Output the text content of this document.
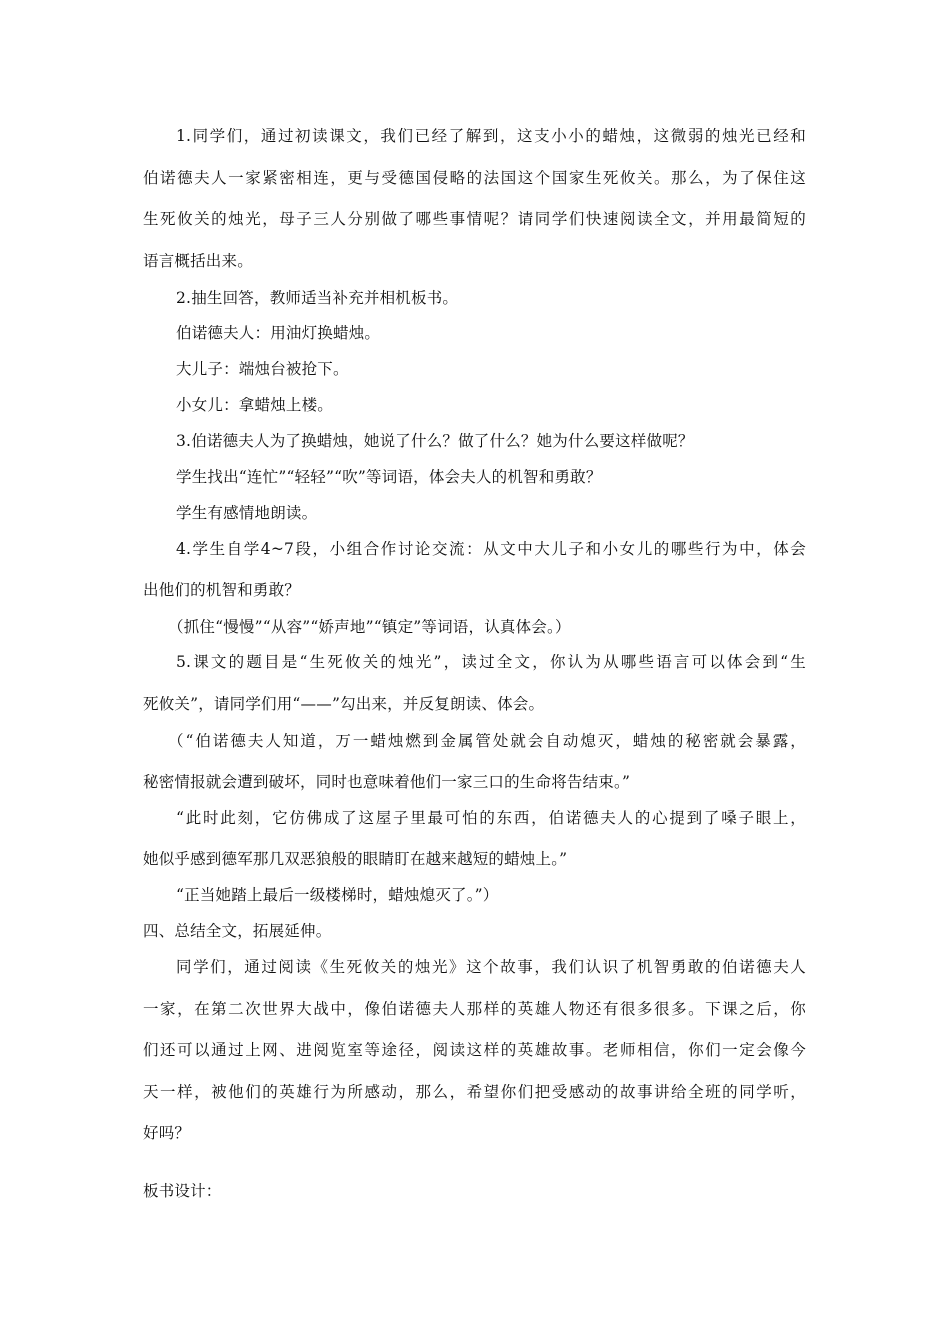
1.同学们，通过初读课文，我们已经了解到，这支小小的蜡烛，这微弱的烛光已经和
伯诺德夫人一家紧密相连，更与受德国侵略的法国这个国家生死攸关。那么，为了保住这
生死攸关的烛光，母子三人分别做了哪些事情呢？请同学们快速阅读全文，并用最简短的
语言概括出来。
2.抽生回答，教师适当补充并相机板书。
伯诺德夫人：用油灯换蜡烛。
大儿子：端烛台被抢下。
小女儿：拿蜡烛上楼。
3.伯诺德夫人为了换蜡烛，她说了什么？做了什么？她为什么要这样做呢？
学生找出“连忙”“轻轻”“吹”等词语，体会夫人的机智和勇敢？
学生有感情地朗读。
4.学生自学4~7段，小组合作讨论交流：从文中大儿子和小女儿的哪些行为中，体会
出他们的机智和勇敢？
（抓住“慢慢”“从容”“娇声地”“镇定”等词语，认真体会。）
5.课文的题目是“生死攸关的烛光”，读过全文，你认为从哪些语言可以体会到“生
死攸关”，请同学们用“——”勾出来，并反复朗读、体会。
（“伯诺德夫人知道，万一蜡烛燃到金属管处就会自动熄灭，蜡烛的秘密就会暴露，
秘密情报就会遭到破坏，同时也意味着他们一家三口的生命将告结束。”
“此时此刻，它仿佛成了这屋子里最可怕的东西，伯诺德夫人的心提到了嗓子眼上，
她似乎感到德军那几双恶狼般的眼睛盯在越来越短的蜡烛上。”
“正当她踏上最后一级楼梯时，蜡烛熄灭了。”）
四、总结全文，拓展延伸。
同学们，通过阅读《生死攸关的烛光》这个故事，我们认识了机智勇敢的伯诺德夫人
一家，在第二次世界大战中，像伯诺德夫人那样的英雄人物还有很多很多。下课之后，你
们还可以通过上网、进阅览室等途径，阅读这样的英雄故事。老师相信，你们一定会像今
天一样，被他们的英雄行为所感动，那么，希望你们把受感动的故事讲给全班的同学听，
好吗？
板书设计：
